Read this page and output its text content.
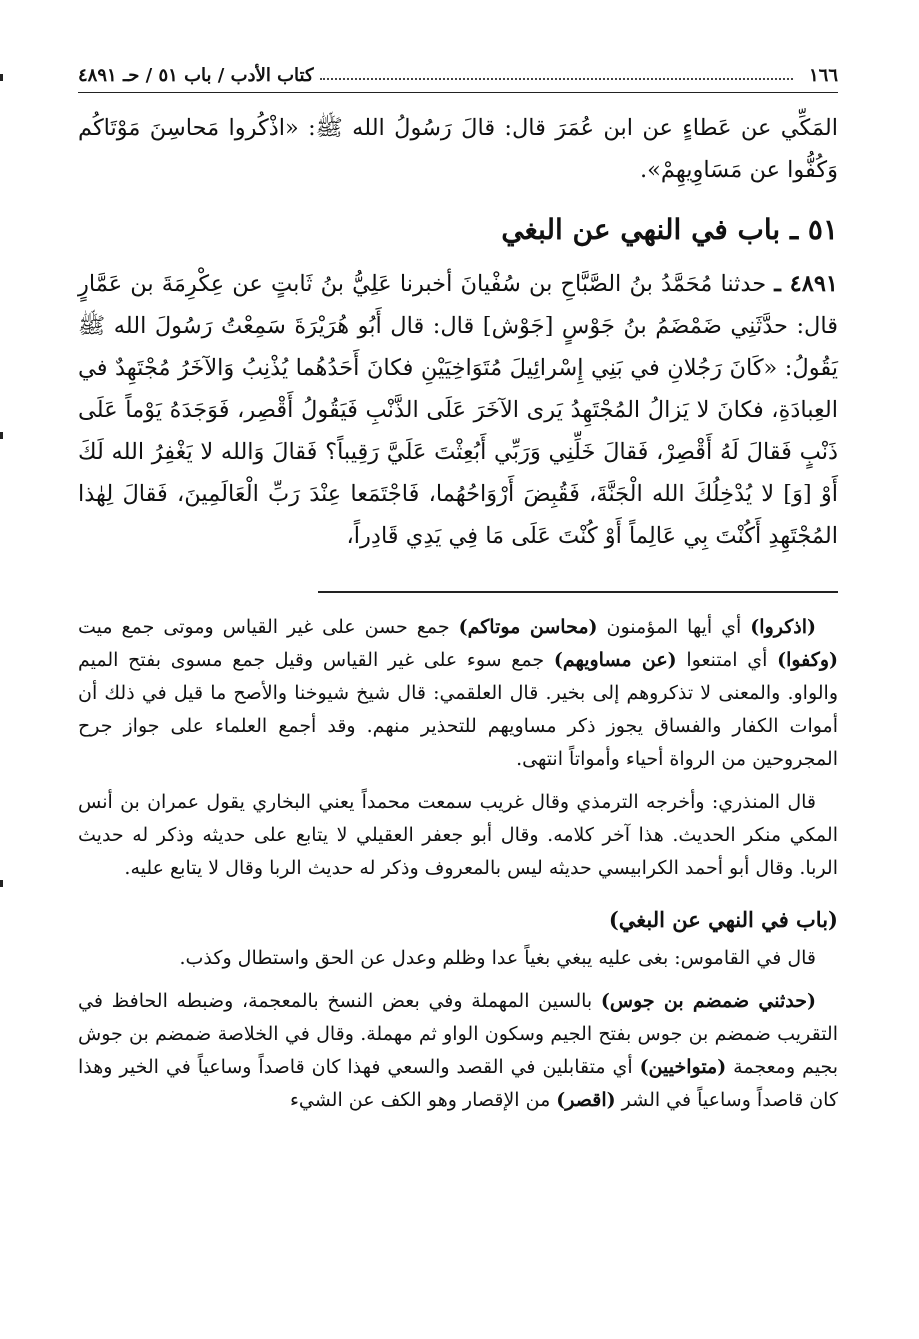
١٦٦
كتاب الأدب / باب ٥١ / حـ ٤٨٩١

المَكِّي عن عَطاءٍ عن ابن عُمَرَ قال: قالَ رَسُولُ الله ﷺ: «اذْكُروا مَحاسِنَ مَوْتَاكُم وَكُفُّوا عن مَسَاوِيهِمْ».

٥١ ـ باب في النهي عن البغي

٤٨٩١ ـ حدثنا مُحَمَّدُ بنُ الصَّبَّاحِ بن سُفْيانَ أخبرنا عَلِيُّ بنُ ثَابتٍ عن عِكْرِمَةَ بن عَمَّارٍ قال: حدَّثَنِي ضَمْضَمُ بنُ جَوْسٍ [جَوْش] قال: قال أَبُو هُرَيْرَةَ سَمِعْتُ رَسُولَ الله ﷺ يَقُولُ: «كَانَ رَجُلانِ في بَنِي إِسْرائِيلَ مُتَوَاخِيَيْنِ فكانَ أَحَدُهُما يُذْنِبُ وَالآخَرُ مُجْتَهِدٌ في العِبادَةِ، فكانَ لا يَزالُ المُجْتَهِدُ يَرى الآخَرَ عَلَى الذَّنْبِ فَيَقُولُ أَقْصِر، فَوَجَدَهُ يَوْماً عَلَى ذَنْبٍ فَقالَ لَهُ أَقْصِرْ، فَقالَ خَلِّنِي وَرَبِّي أَبُعِثْتَ عَلَيَّ رَقِيباً؟ فَقالَ وَالله لا يَغْفِرُ الله لَكَ أَوْ [وَ] لا يُدْخِلُكَ الله الْجَنَّةَ، فَقُبِضَ أَرْوَاحُهُما، فَاجْتَمَعا عِنْدَ رَبِّ الْعَالَمِينَ، فَقالَ لِهٰذا المُجْتَهِدِ أَكُنْتَ بِي عَالِماً أَوْ كُنْتَ عَلَى مَا فِي يَدِي قَادِراً،

(اذكروا) أي أيها المؤمنون (محاسن موتاكم) جمع حسن على غير القياس وموتى جمع ميت (وكفوا) أي امتنعوا (عن مساويهم) جمع سوء على غير القياس وقيل جمع مسوى بفتح الميم والواو. والمعنى لا تذكروهم إلى بخير. قال العلقمي: قال شيخ شيوخنا والأصح ما قيل في ذلك أن أموات الكفار والفساق يجوز ذكر مساويهم للتحذير منهم. وقد أجمع العلماء على جواز جرح المجروحين من الرواة أحياء وأمواتاً انتهى.

قال المنذري: وأخرجه الترمذي وقال غريب سمعت محمداً يعني البخاري يقول عمران بن أنس المكي منكر الحديث. هذا آخر كلامه. وقال أبو جعفر العقيلي لا يتابع على حديثه وذكر له حديث الربا. وقال أبو أحمد الكرابيسي حديثه ليس بالمعروف وذكر له حديث الربا وقال لا يتابع عليه.

(باب في النهي عن البغي)

قال في القاموس: بغى عليه يبغي بغياً عدا وظلم وعدل عن الحق واستطال وكذب.

(حدثني ضمضم بن جوس) بالسين المهملة وفي بعض النسخ بالمعجمة، وضبطه الحافظ في التقريب ضمضم بن جوس بفتح الجيم وسكون الواو ثم مهملة. وقال في الخلاصة ضمضم بن جوش بجيم ومعجمة (متواخيين) أي متقابلين في القصد والسعي فهذا كان قاصداً وساعياً في الخير وهذا كان قاصداً وساعياً في الشر (اقصر) من الإقصار وهو الكف عن الشيء
